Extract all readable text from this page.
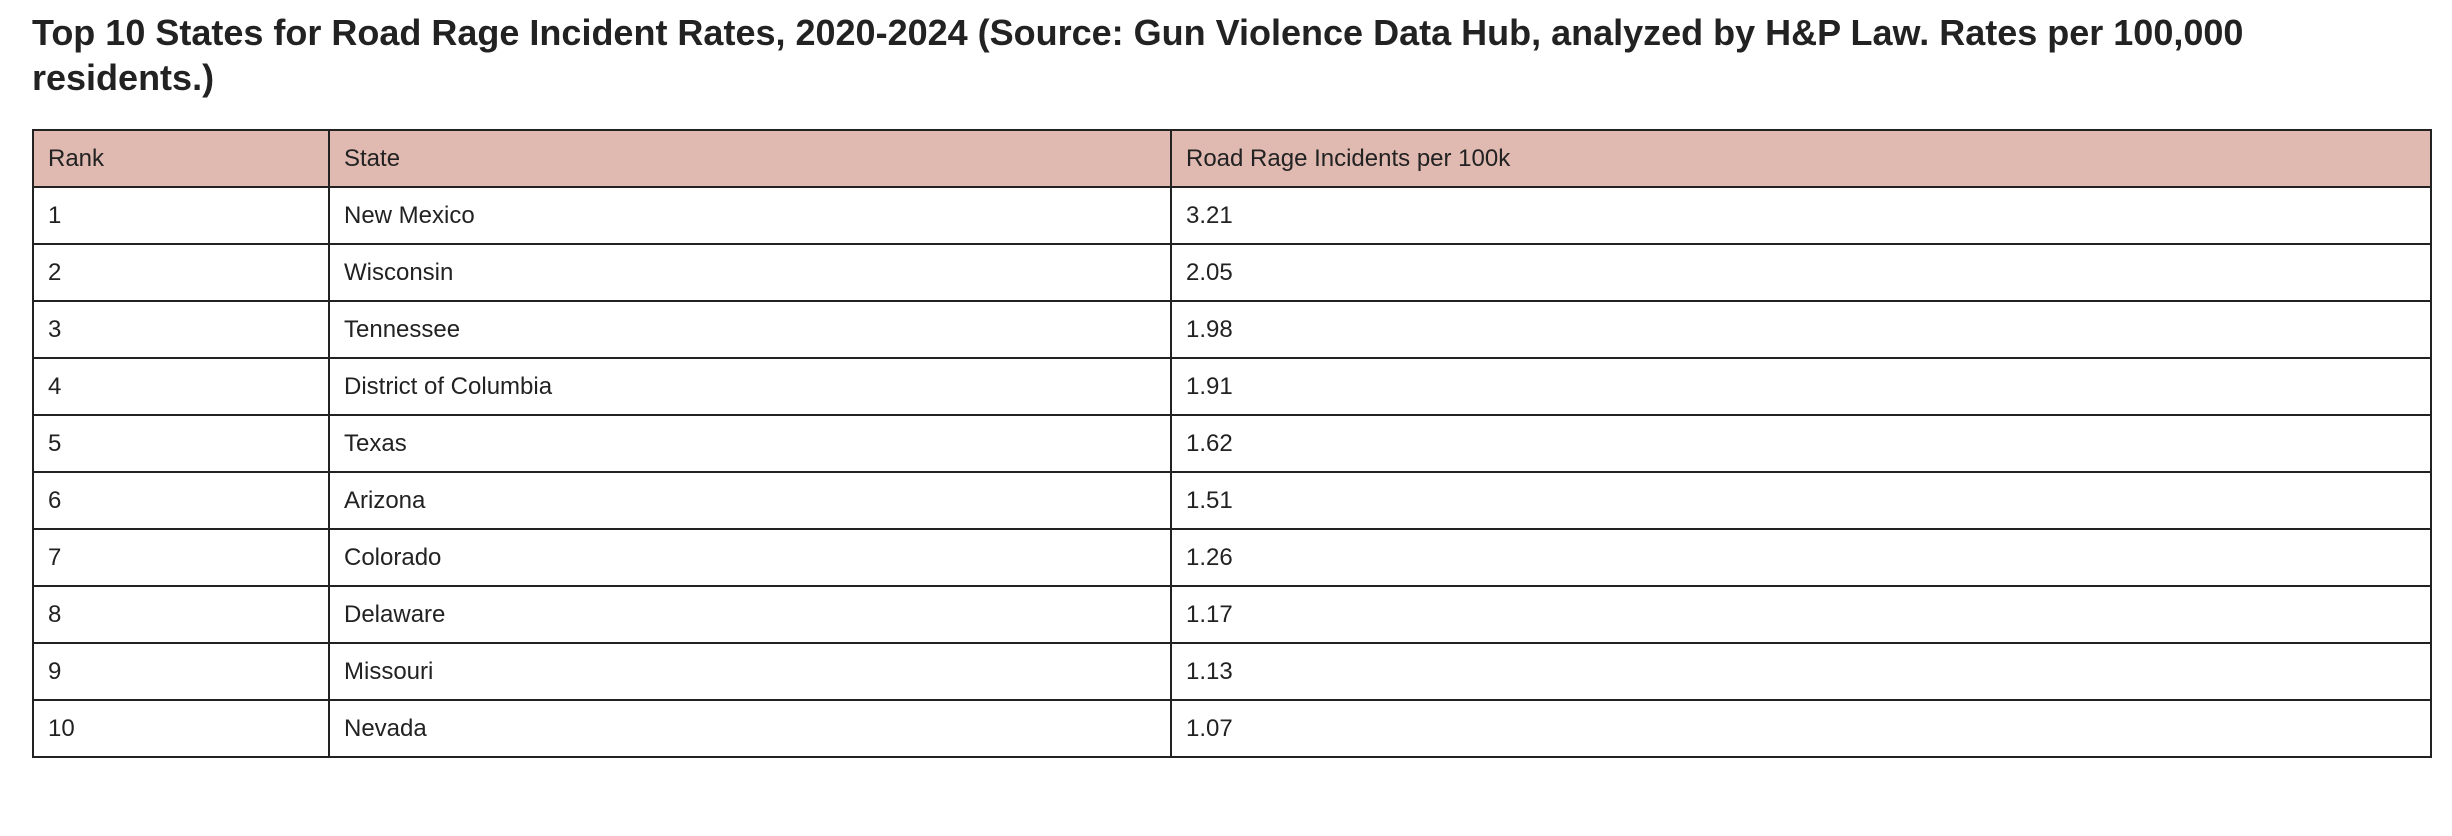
Top 10 States for Road Rage Incident Rates, 2020-2024 (Source: Gun Violence Data Hub, analyzed by H&P Law. Rates per 100,000 residents.)
Rank	State	Road Rage Incidents per 100k
1	New Mexico	3.21
2	Wisconsin	2.05
3	Tennessee	1.98
4	District of Columbia	1.91
5	Texas	1.62
6	Arizona	1.51
7	Colorado	1.26
8	Delaware	1.17
9	Missouri	1.13
10	Nevada	1.07
